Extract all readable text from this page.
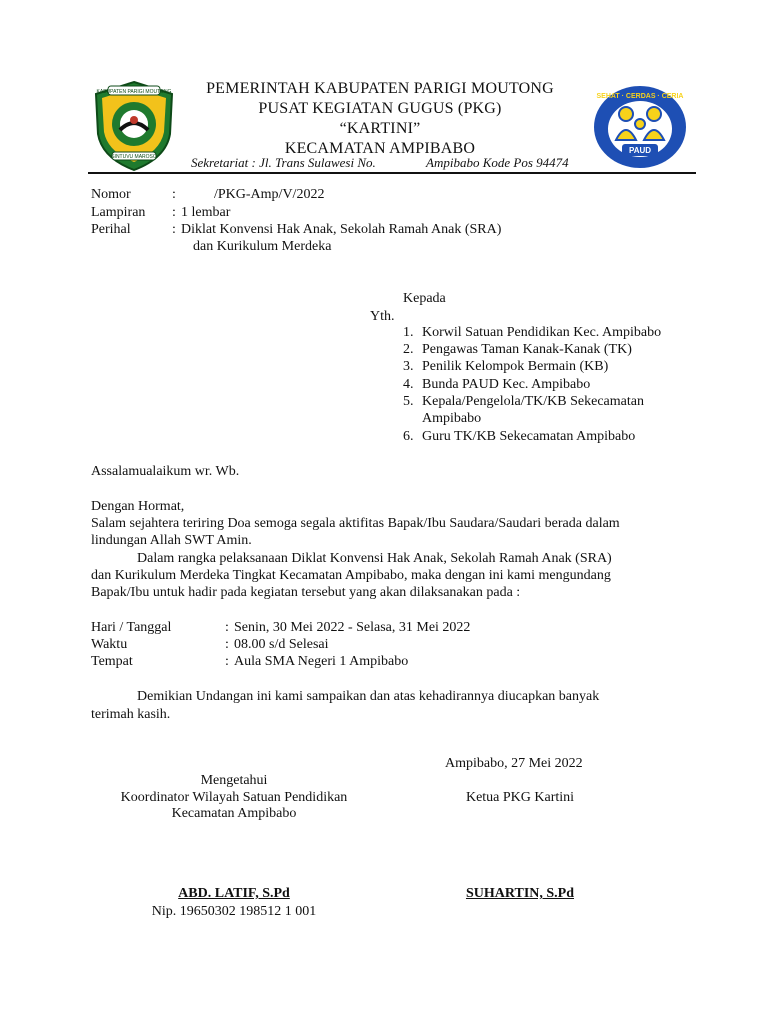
KABUPATEN PARIGI MOUTONG
SINTUVU MAROSO
SEHAT · CERDAS · CERIA
PAUD
PEMERINTAH KABUPATEN PARIGI MOUTONG
PUSAT KEGIATAN GUGUS (PKG)
“KARTINI”
KECAMATAN AMPIBABO
Sekretariat : Jl. Trans Sulawesi No.	Ampibabo Kode Pos 94474
Nomor	:	/PKG-Amp/V/2022
Lampiran : 1 lembar
Perihal	: Diklat Konvensi Hak Anak, Sekolah Ramah Anak (SRA)
dan Kurikulum Merdeka
Kepada
Yth.
1. Korwil Satuan Pendidikan Kec. Ampibabo
2. Pengawas Taman Kanak-Kanak (TK)
3. Penilik Kelompok Bermain (KB)
4. Bunda PAUD Kec. Ampibabo
5. Kepala/Pengelola/TK/KB Sekecamatan
Ampibabo
6. Guru TK/KB Sekecamatan Ampibabo
Assalamualaikum wr. Wb.
Dengan Hormat,
Salam sejahtera teriring Doa semoga segala aktifitas Bapak/Ibu Saudara/Saudari berada dalam
lindungan Allah SWT Amin.
Dalam rangka pelaksanaan Diklat Konvensi Hak Anak, Sekolah Ramah Anak (SRA)
dan Kurikulum Merdeka Tingkat Kecamatan Ampibabo, maka dengan ini kami mengundang
Bapak/Ibu untuk hadir pada kegiatan tersebut yang akan dilaksanakan pada :
Hari / Tanggal	: Senin, 30 Mei 2022 - Selasa, 31 Mei 2022
Waktu	: 08.00 s/d Selesai
Tempat	: Aula SMA Negeri 1 Ampibabo
Demikian Undangan ini kami sampaikan dan atas kehadirannya diucapkan banyak
terimah kasih.
Ampibabo, 27 Mei 2022
Mengetahui
Koordinator Wilayah Satuan Pendidikan
Kecamatan Ampibabo
Ketua PKG Kartini
ABD. LATIF, S.Pd
Nip. 19650302 198512 1 001
SUHARTIN, S.Pd
